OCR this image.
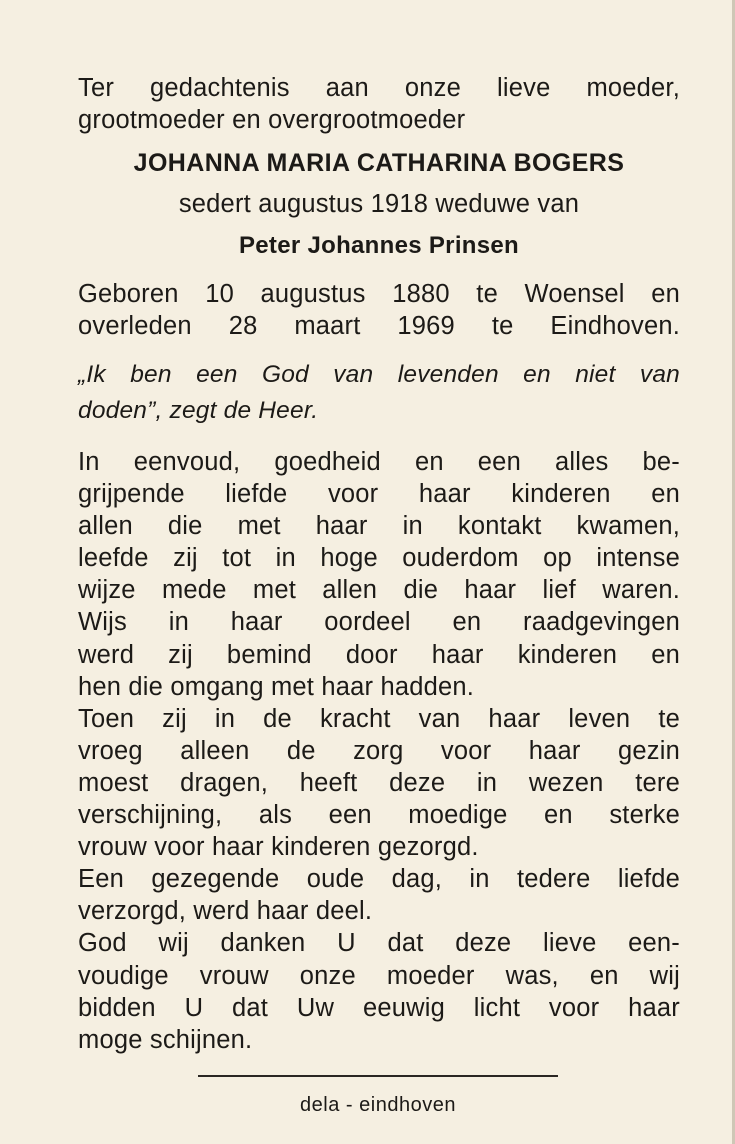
Ter gedachtenis aan onze lieve moeder,
grootmoeder en overgrootmoeder
JOHANNA MARIA CATHARINA BOGERS
sedert augustus 1918 weduwe van
Peter Johannes Prinsen
Geboren 10 augustus 1880 te Woensel en
overleden 28 maart 1969 te Eindhoven.
„Ik ben een God van levenden en niet van
doden”, zegt de Heer.
In eenvoud, goedheid en een alles be-
grijpende liefde voor haar kinderen en
allen die met haar in kontakt kwamen,
leefde zij tot in hoge ouderdom op intense
wijze mede met allen die haar lief waren.
Wijs in haar oordeel en raadgevingen
werd zij bemind door haar kinderen en
hen die omgang met haar hadden.
Toen zij in de kracht van haar leven te
vroeg alleen de zorg voor haar gezin
moest dragen, heeft deze in wezen tere
verschijning, als een moedige en sterke
vrouw voor haar kinderen gezorgd.
Een gezegende oude dag, in tedere liefde
verzorgd, werd haar deel.
God wij danken U dat deze lieve een-
voudige vrouw onze moeder was, en wij
bidden U dat Uw eeuwig licht voor haar
moge schijnen.
dela - eindhoven
